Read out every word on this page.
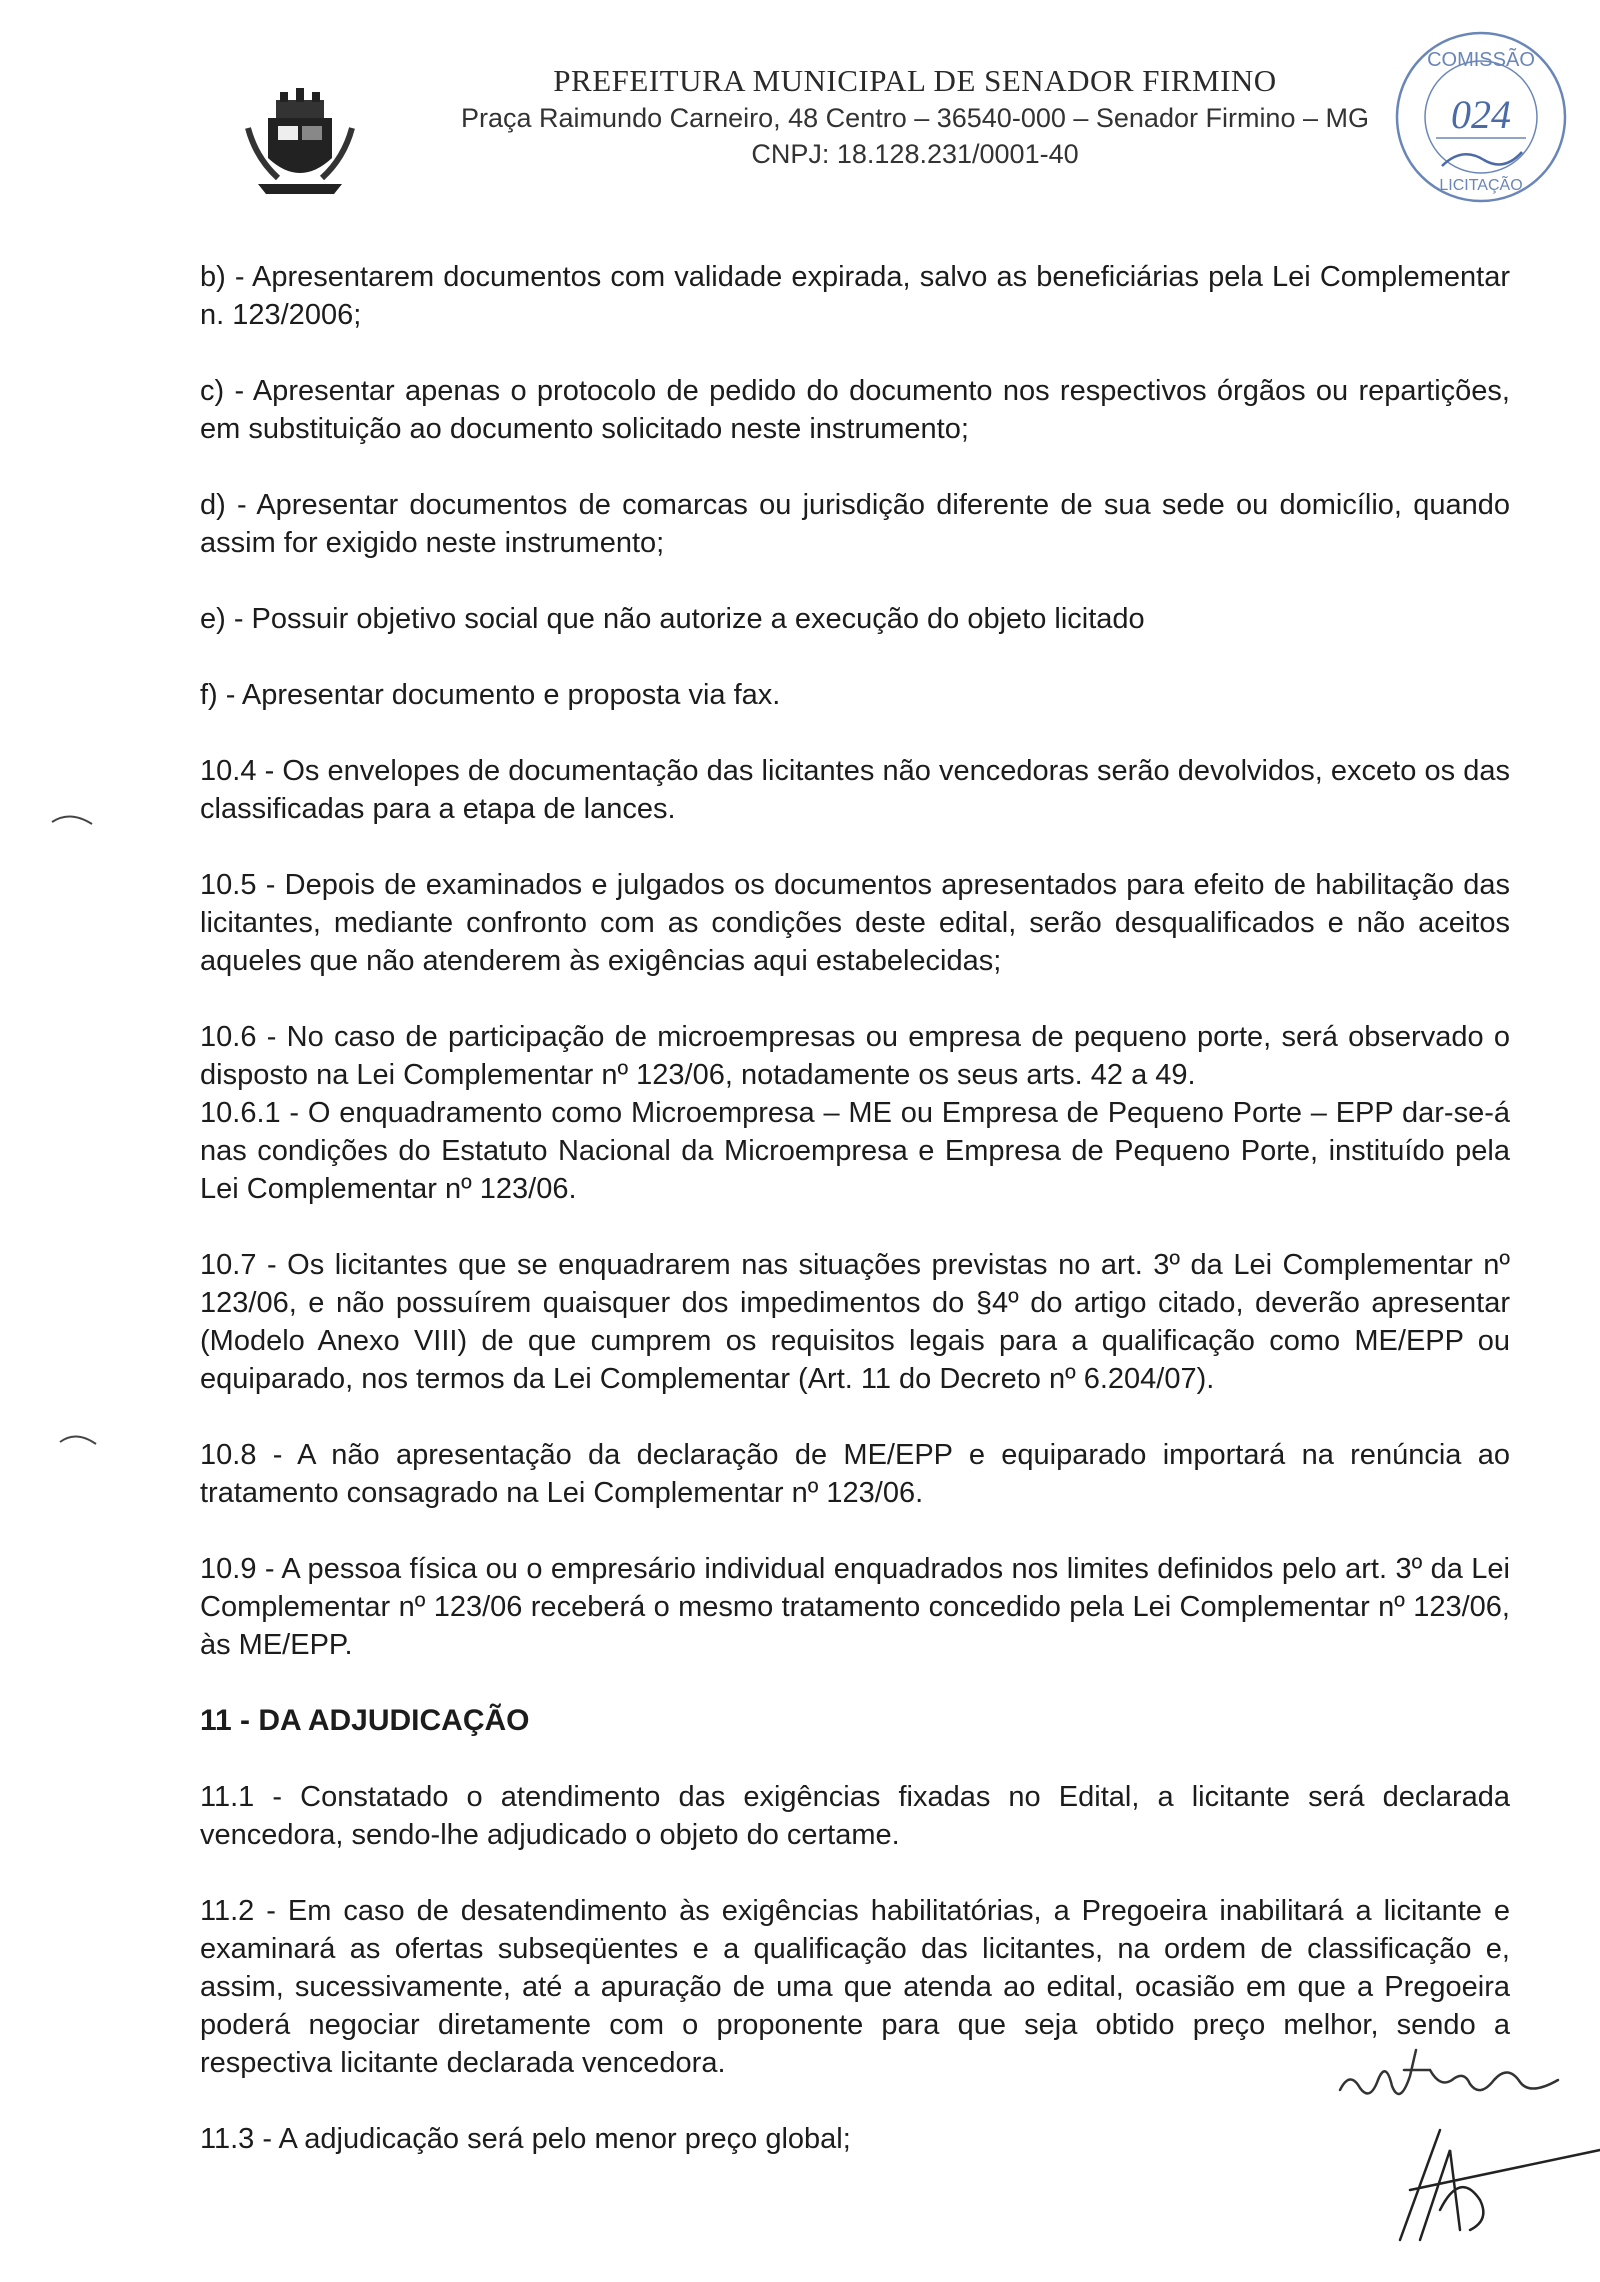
PREFEITURA MUNICIPAL DE SENADOR FIRMINO
Praça Raimundo Carneiro, 48 Centro – 36540-000 – Senador Firmino – MG
CNPJ: 18.128.231/0001-40
COMISSÃO
024
LICITAÇÃO

b) - Apresentarem documentos com validade expirada, salvo as beneficiárias pela Lei Complementar n. 123/2006;

c) - Apresentar apenas o protocolo de pedido do documento nos respectivos órgãos ou repartições, em substituição ao documento solicitado neste instrumento;

d) - Apresentar documentos de comarcas ou jurisdição diferente de sua sede ou domicílio, quando assim for exigido neste instrumento;

e) - Possuir objetivo social que não autorize a execução do objeto licitado

f) - Apresentar documento e proposta via fax.

10.4 - Os envelopes de documentação das licitantes não vencedoras serão devolvidos, exceto os das classificadas para a etapa de lances.

10.5 - Depois de examinados e julgados os documentos apresentados para efeito de habilitação das licitantes, mediante confronto com as condições deste edital, serão desqualificados e não aceitos aqueles que não atenderem às exigências aqui estabelecidas;

10.6 - No caso de participação de microempresas ou empresa de pequeno porte, será observado o disposto na Lei Complementar nº 123/06, notadamente os seus arts. 42 a 49.

10.6.1 - O enquadramento como Microempresa – ME ou Empresa de Pequeno Porte – EPP dar-se-á nas condições do Estatuto Nacional da Microempresa e Empresa de Pequeno Porte, instituído pela Lei Complementar nº 123/06.

10.7 - Os licitantes que se enquadrarem nas situações previstas no art. 3º da Lei Complementar nº 123/06, e não possuírem quaisquer dos impedimentos do §4º do artigo citado, deverão apresentar (Modelo Anexo VIII) de que cumprem os requisitos legais para a qualificação como ME/EPP ou equiparado, nos termos da Lei Complementar (Art. 11 do Decreto nº 6.204/07).

10.8 - A não apresentação da declaração de ME/EPP e equiparado importará na renúncia ao tratamento consagrado na Lei Complementar nº 123/06.

10.9 - A pessoa física ou o empresário individual enquadrados nos limites definidos pelo art. 3º da Lei Complementar nº 123/06 receberá o mesmo tratamento concedido pela Lei Complementar nº 123/06, às ME/EPP.

11 - DA ADJUDICAÇÃO

11.1 - Constatado o atendimento das exigências fixadas no Edital, a licitante será declarada vencedora, sendo-lhe adjudicado o objeto do certame.

11.2 - Em caso de desatendimento às exigências habilitatórias, a Pregoeira inabilitará a licitante e examinará as ofertas subseqüentes e a qualificação das licitantes, na ordem de classificação e, assim, sucessivamente, até a apuração de uma que atenda ao edital, ocasião em que a Pregoeira poderá negociar diretamente com o proponente para que seja obtido preço melhor, sendo a respectiva licitante declarada vencedora.

11.3 - A adjudicação será pelo menor preço global;
